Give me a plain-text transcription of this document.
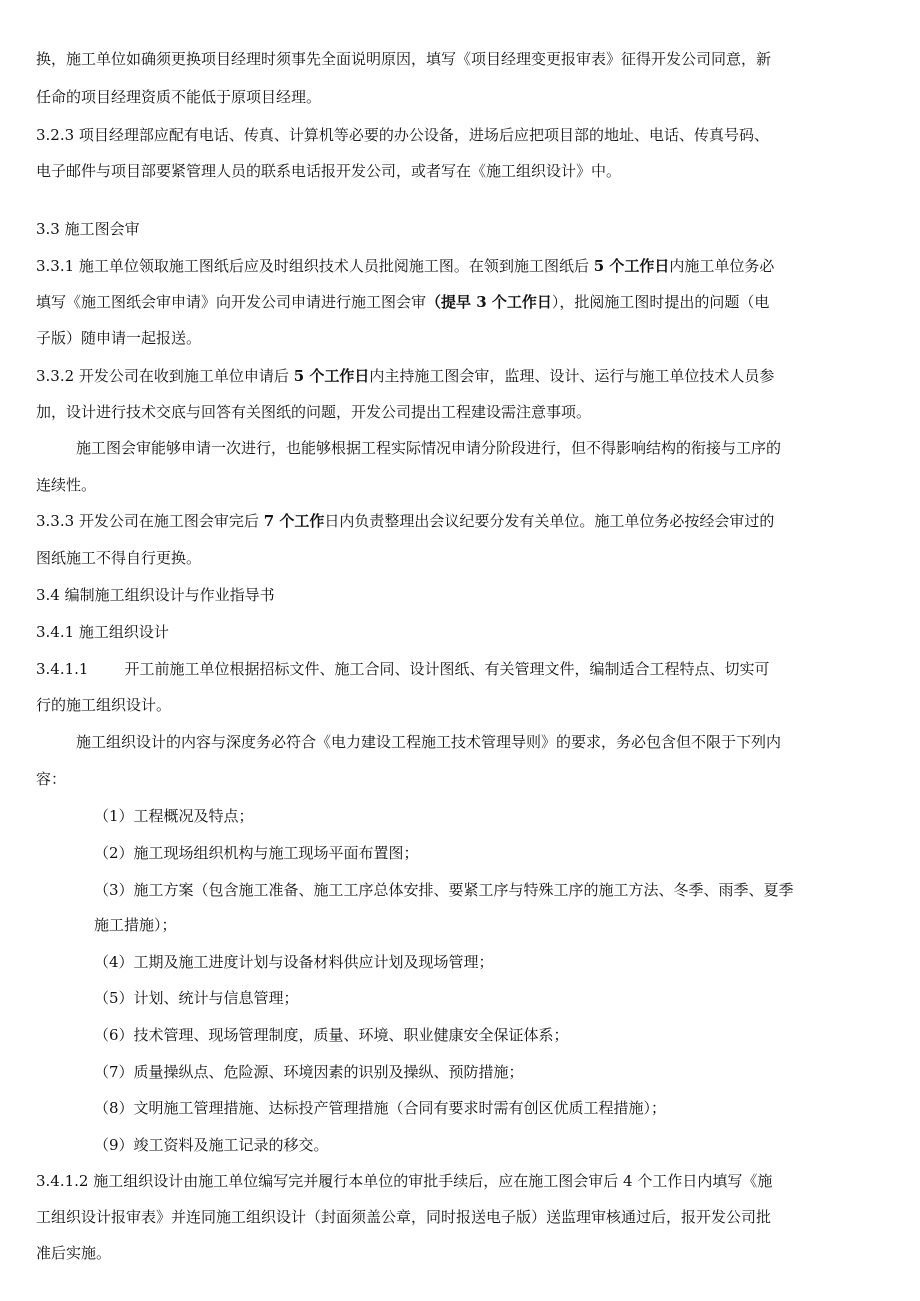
换，施工单位如确须更换项目经理时须事先全面说明原因，填写《项目经理变更报审表》征得开发公司同意，新
任命的项目经理资质不能低于原项目经理。
3.2.3 项目经理部应配有电话、传真、计算机等必要的办公设备，进场后应把项目部的地址、电话、传真号码、
电子邮件与项目部要紧管理人员的联系电话报开发公司，或者写在《施工组织设计》中。
3.3 施工图会审
3.3.1 施工单位领取施工图纸后应及时组织技术人员批阅施工图。在领到施工图纸后 5 个工作日内施工单位务必
填写《施工图纸会审申请》向开发公司申请进行施工图会审（提早 3 个工作日），批阅施工图时提出的问题（电
子版）随申请一起报送。
3.3.2 开发公司在收到施工单位申请后 5 个工作日内主持施工图会审，监理、设计、运行与施工单位技术人员参
加，设计进行技术交底与回答有关图纸的问题，开发公司提出工程建设需注意事项。
施工图会审能够申请一次进行，也能够根据工程实际情况申请分阶段进行，但不得影响结构的衔接与工序的
连续性。
3.3.3 开发公司在施工图会审完后 7 个工作日内负责整理出会议纪要分发有关单位。施工单位务必按经会审过的
图纸施工不得自行更换。
3.4 编制施工组织设计与作业指导书
3.4.1 施工组织设计
3.4.1.1 开工前施工单位根据招标文件、施工合同、设计图纸、有关管理文件，编制适合工程特点、切实可
行的施工组织设计。
施工组织设计的内容与深度务必符合《电力建设工程施工技术管理导则》的要求，务必包含但不限于下列内
容：
（1）工程概况及特点；
（2）施工现场组织机构与施工现场平面布置图；
（3）施工方案（包含施工准备、施工工序总体安排、要紧工序与特殊工序的施工方法、冬季、雨季、夏季
施工措施）；
（4）工期及施工进度计划与设备材料供应计划及现场管理；
（5）计划、统计与信息管理；
（6）技术管理、现场管理制度，质量、环境、职业健康安全保证体系；
（7）质量操纵点、危险源、环境因素的识别及操纵、预防措施；
（8）文明施工管理措施、达标投产管理措施（合同有要求时需有创区优质工程措施）；
（9）竣工资料及施工记录的移交。
3.4.1.2 施工组织设计由施工单位编写完并履行本单位的审批手续后，应在施工图会审后 4 个工作日内填写《施
工组织设计报审表》并连同施工组织设计（封面须盖公章，同时报送电子版）送监理审核通过后，报开发公司批
准后实施。
